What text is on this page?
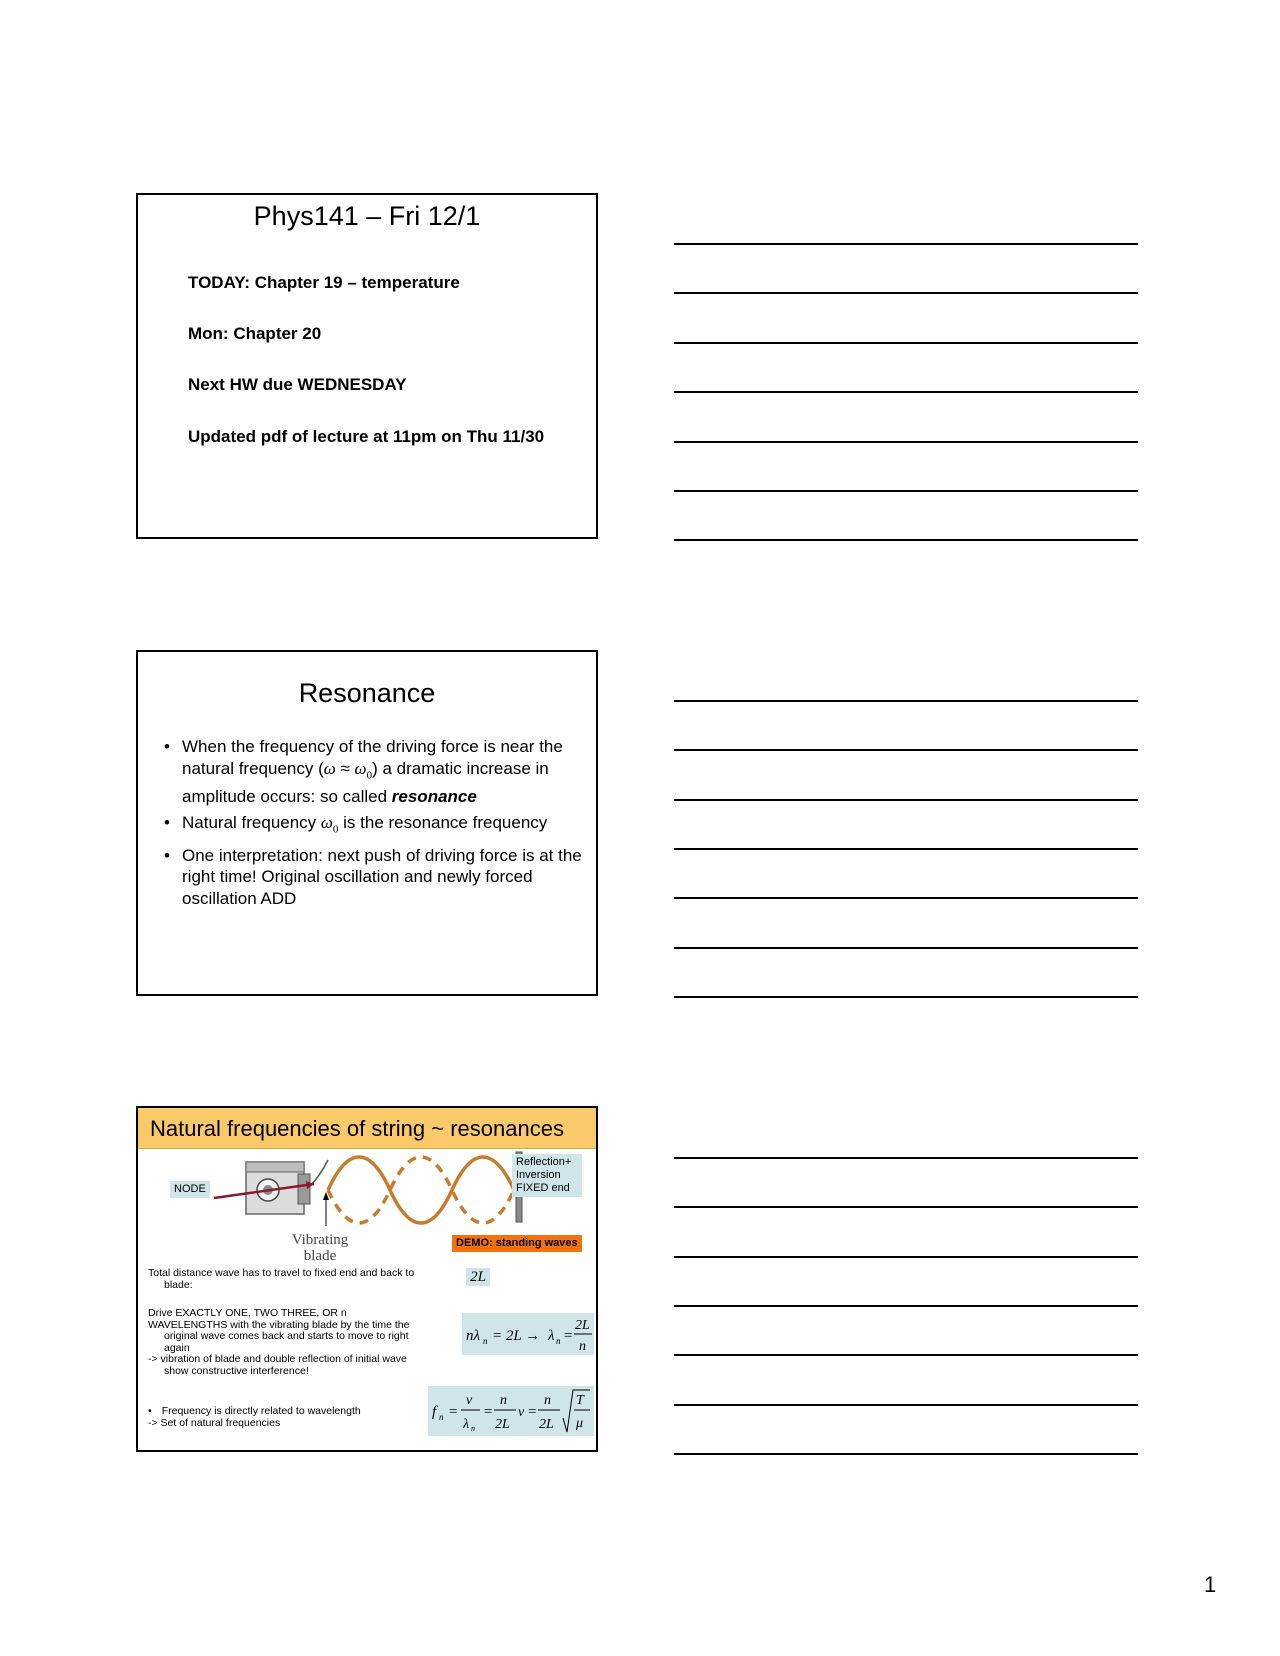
Phys141 – Fri 12/1
TODAY: Chapter 19 – temperature
Mon: Chapter 20
Next HW due WEDNESDAY
Updated pdf of lecture at 11pm on Thu 11/30
Resonance
• When the frequency of the driving force is near the natural frequency $(\omega \approx \omega_0)$ a dramatic increase in amplitude occurs: so called resonance
• Natural frequency $\omega_0$ is the resonance frequency
• One interpretation: next push of driving force is at the right time! Original oscillation and newly forced oscillation ADD
Natural frequencies of string ~ resonances
NODE
Reflection+ Inversion FIXED end
Vibrating blade
DEMO: standing waves
Total distance wave has to travel to fixed end and back to
blade:	2L
Drive EXACTLY ONE, TWO THREE, OR n
WAVELENGTHS with the vibrating blade by the time the
original wave comes back and starts to move to right
again
-> vibration of blade and double reflection of initial wave
show constructive interference!
nλ n = 2L → λ n =
2L
n
• Frequency is directly related to wavelength
-> Set of natural frequencies
f n =
v
λ n
=
n
2L
v =
n
2L
T
μ
1
